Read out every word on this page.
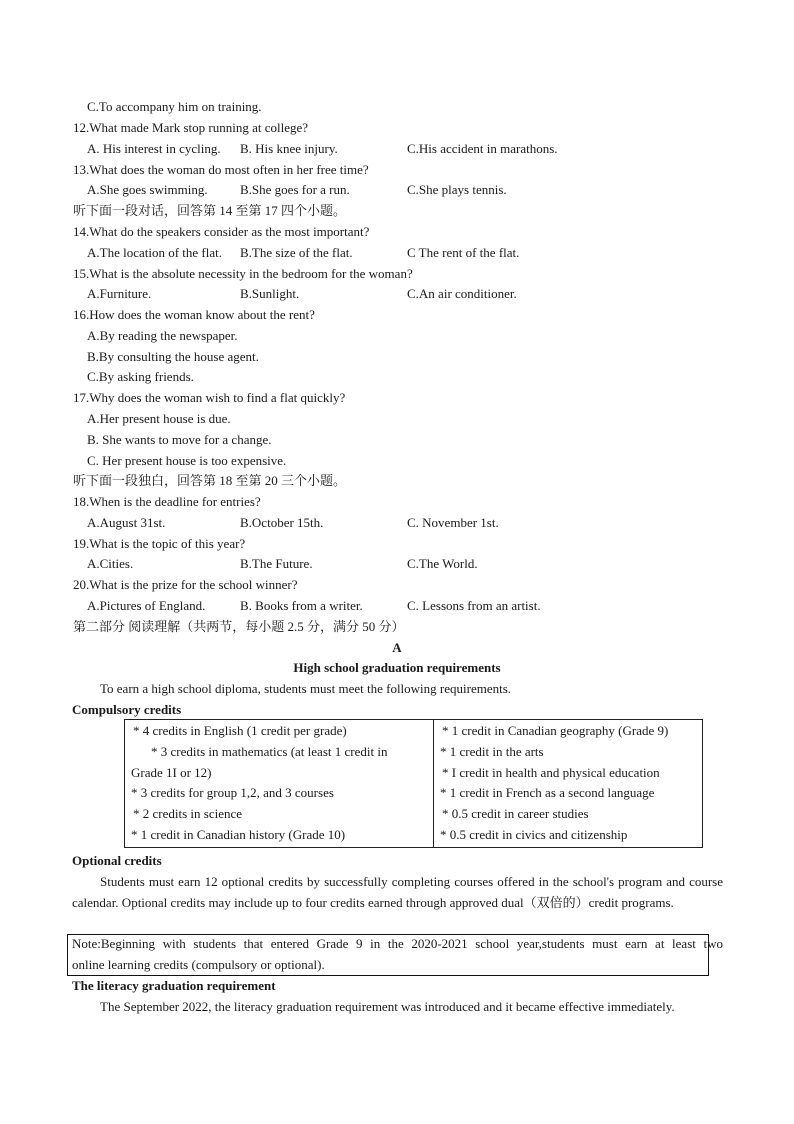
C.To accompany him on training.
12.What made Mark stop running at college?
A. His interest in cycling. B. His knee injury.	C.His accident in marathons.
13.What does the woman do most often in her free time?
A.She goes swimming. B.She goes for a run.	C.She plays tennis.
听下面一段对话，回答第 14 至第 17 四个小题。
14.What do the speakers consider as the most important?
A.The location of the flat. B.The size of the flat.	C The rent of the flat.
15.What is the absolute necessity in the bedroom for the woman?
A.Furniture.	B.Sunlight.	C.An air conditioner.
16.How does the woman know about the rent?
A.By reading the newspaper.
B.By consulting the house agent.
C.By asking friends.
17.Why does the woman wish to find a flat quickly?
A.Her present house is due.
B. She wants to move for a change.
C. Her present house is too expensive.
听下面一段独白，回答第 18 至第 20 三个小题。
18.When is the deadline for entries?
A.August 31st.	B.October 15th.	C. November 1st.
19.What is the topic of this year?
A.Cities.	B.The Future.	C.The World.
20.What is the prize for the school winner?
A.Pictures of England.	B. Books from a writer.	C. Lessons from an artist.
第二部分 阅读理解（共两节，每小题 2.5 分，满分 50 分）
A
High school graduation requirements
To earn a high school diploma, students must meet the following requirements.
Compulsory credits
* 4 credits in English (1 credit per grade)
* 3 credits in mathematics (at least 1 credit in
Grade 1I or 12)
* 3 credits for group 1,2, and 3 courses
* 2 credits in science
* 1 credit in Canadian history (Grade 10)

* 1 credit in Canadian geography (Grade 9)
* 1 credit in the arts
* I credit in health and physical education
* 1 credit in French as a second language
* 0.5 credit in career studies
* 0.5 credit in civics and citizenship
Optional credits
Students must earn 12 optional credits by successfully completing courses offered in the school's program and course calendar. Optional credits may include up to four credits earned through approved dual（双倍的）credit programs.
Note:Beginning with students that entered Grade 9 in the 2020-2021 school year,students must earn at least two
online learning credits (compulsory or optional).
The literacy graduation requirement
The September 2022, the literacy graduation requirement was introduced and it became effective immediately.
